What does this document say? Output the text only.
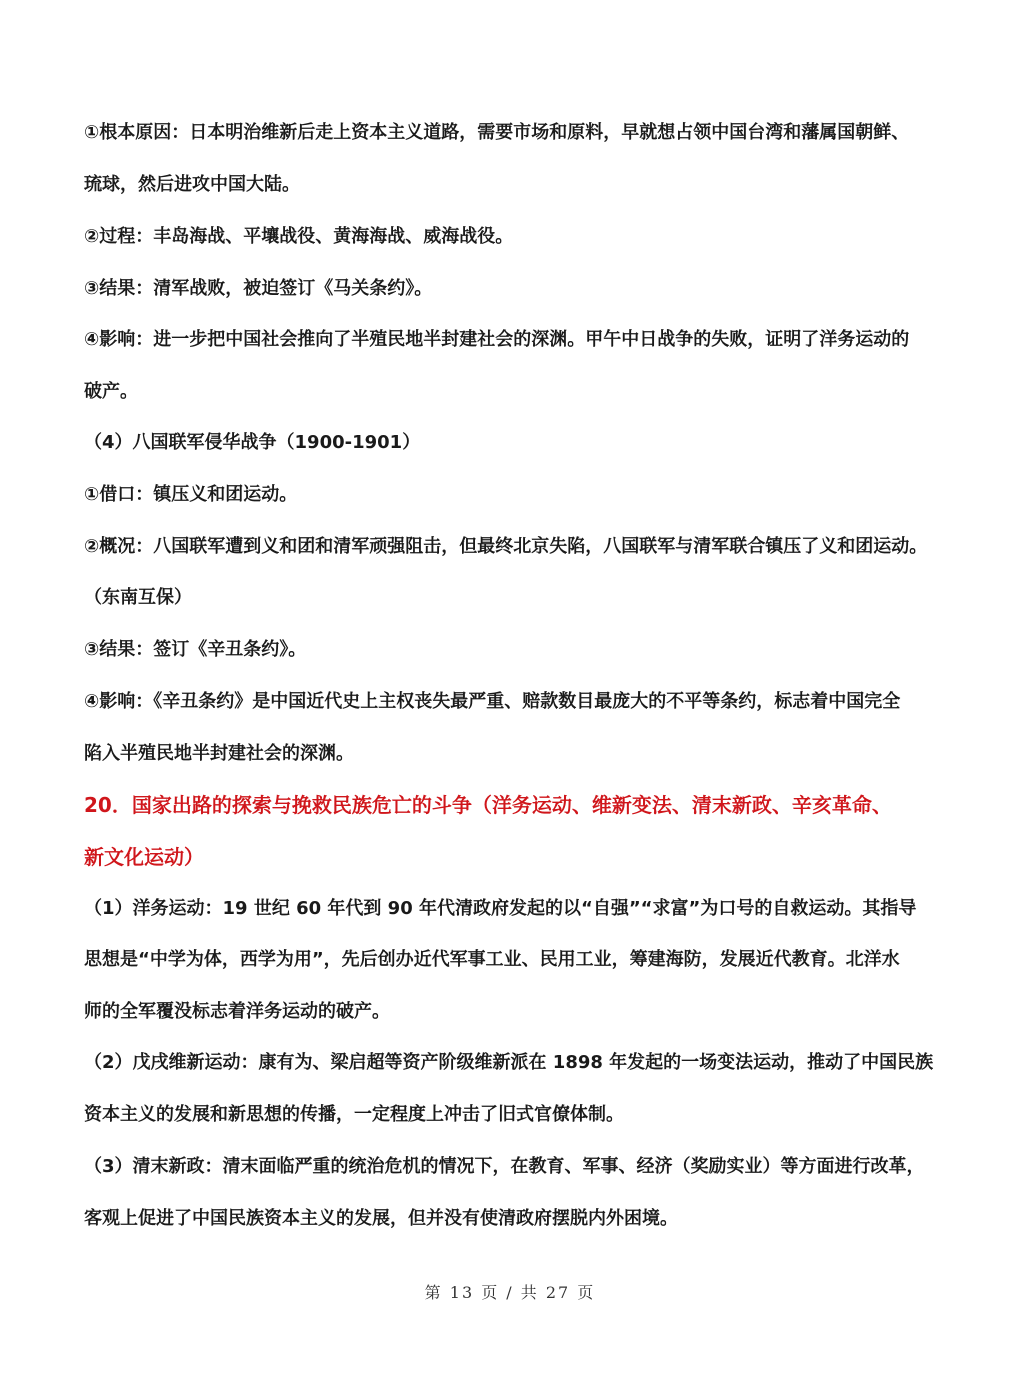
①根本原因：日本明治维新后走上资本主义道路，需要市场和原料，早就想占领中国台湾和藩属国朝鲜、
琉球，然后进攻中国大陆。
②过程：丰岛海战、平壤战役、黄海海战、威海战役。
③结果：清军战败，被迫签订《马关条约》。
④影响：进一步把中国社会推向了半殖民地半封建社会的深渊。甲午中日战争的失败，证明了洋务运动的
破产。
（4）八国联军侵华战争（1900-1901）
①借口：镇压义和团运动。
②概况：八国联军遭到义和团和清军顽强阻击，但最终北京失陷，八国联军与清军联合镇压了义和团运动。
（东南互保）
③结果：签订《辛丑条约》。
④影响：《辛丑条约》是中国近代史上主权丧失最严重、赔款数目最庞大的不平等条约，标志着中国完全
陷入半殖民地半封建社会的深渊。
20．国家出路的探索与挽救民族危亡的斗争（洋务运动、维新变法、清末新政、辛亥革命、
新文化运动）
（1）洋务运动：19 世纪 60 年代到 90 年代清政府发起的以“自强”“求富”为口号的自救运动。其指导
思想是“中学为体，西学为用”，先后创办近代军事工业、民用工业，筹建海防，发展近代教育。北洋水
师的全军覆没标志着洋务运动的破产。
（2）戊戌维新运动：康有为、梁启超等资产阶级维新派在 1898 年发起的一场变法运动，推动了中国民族
资本主义的发展和新思想的传播，一定程度上冲击了旧式官僚体制。
（3）清末新政：清末面临严重的统治危机的情况下，在教育、军事、经济（奖励实业）等方面进行改革，
客观上促进了中国民族资本主义的发展，但并没有使清政府摆脱内外困境。
第 13 页 / 共 27 页
